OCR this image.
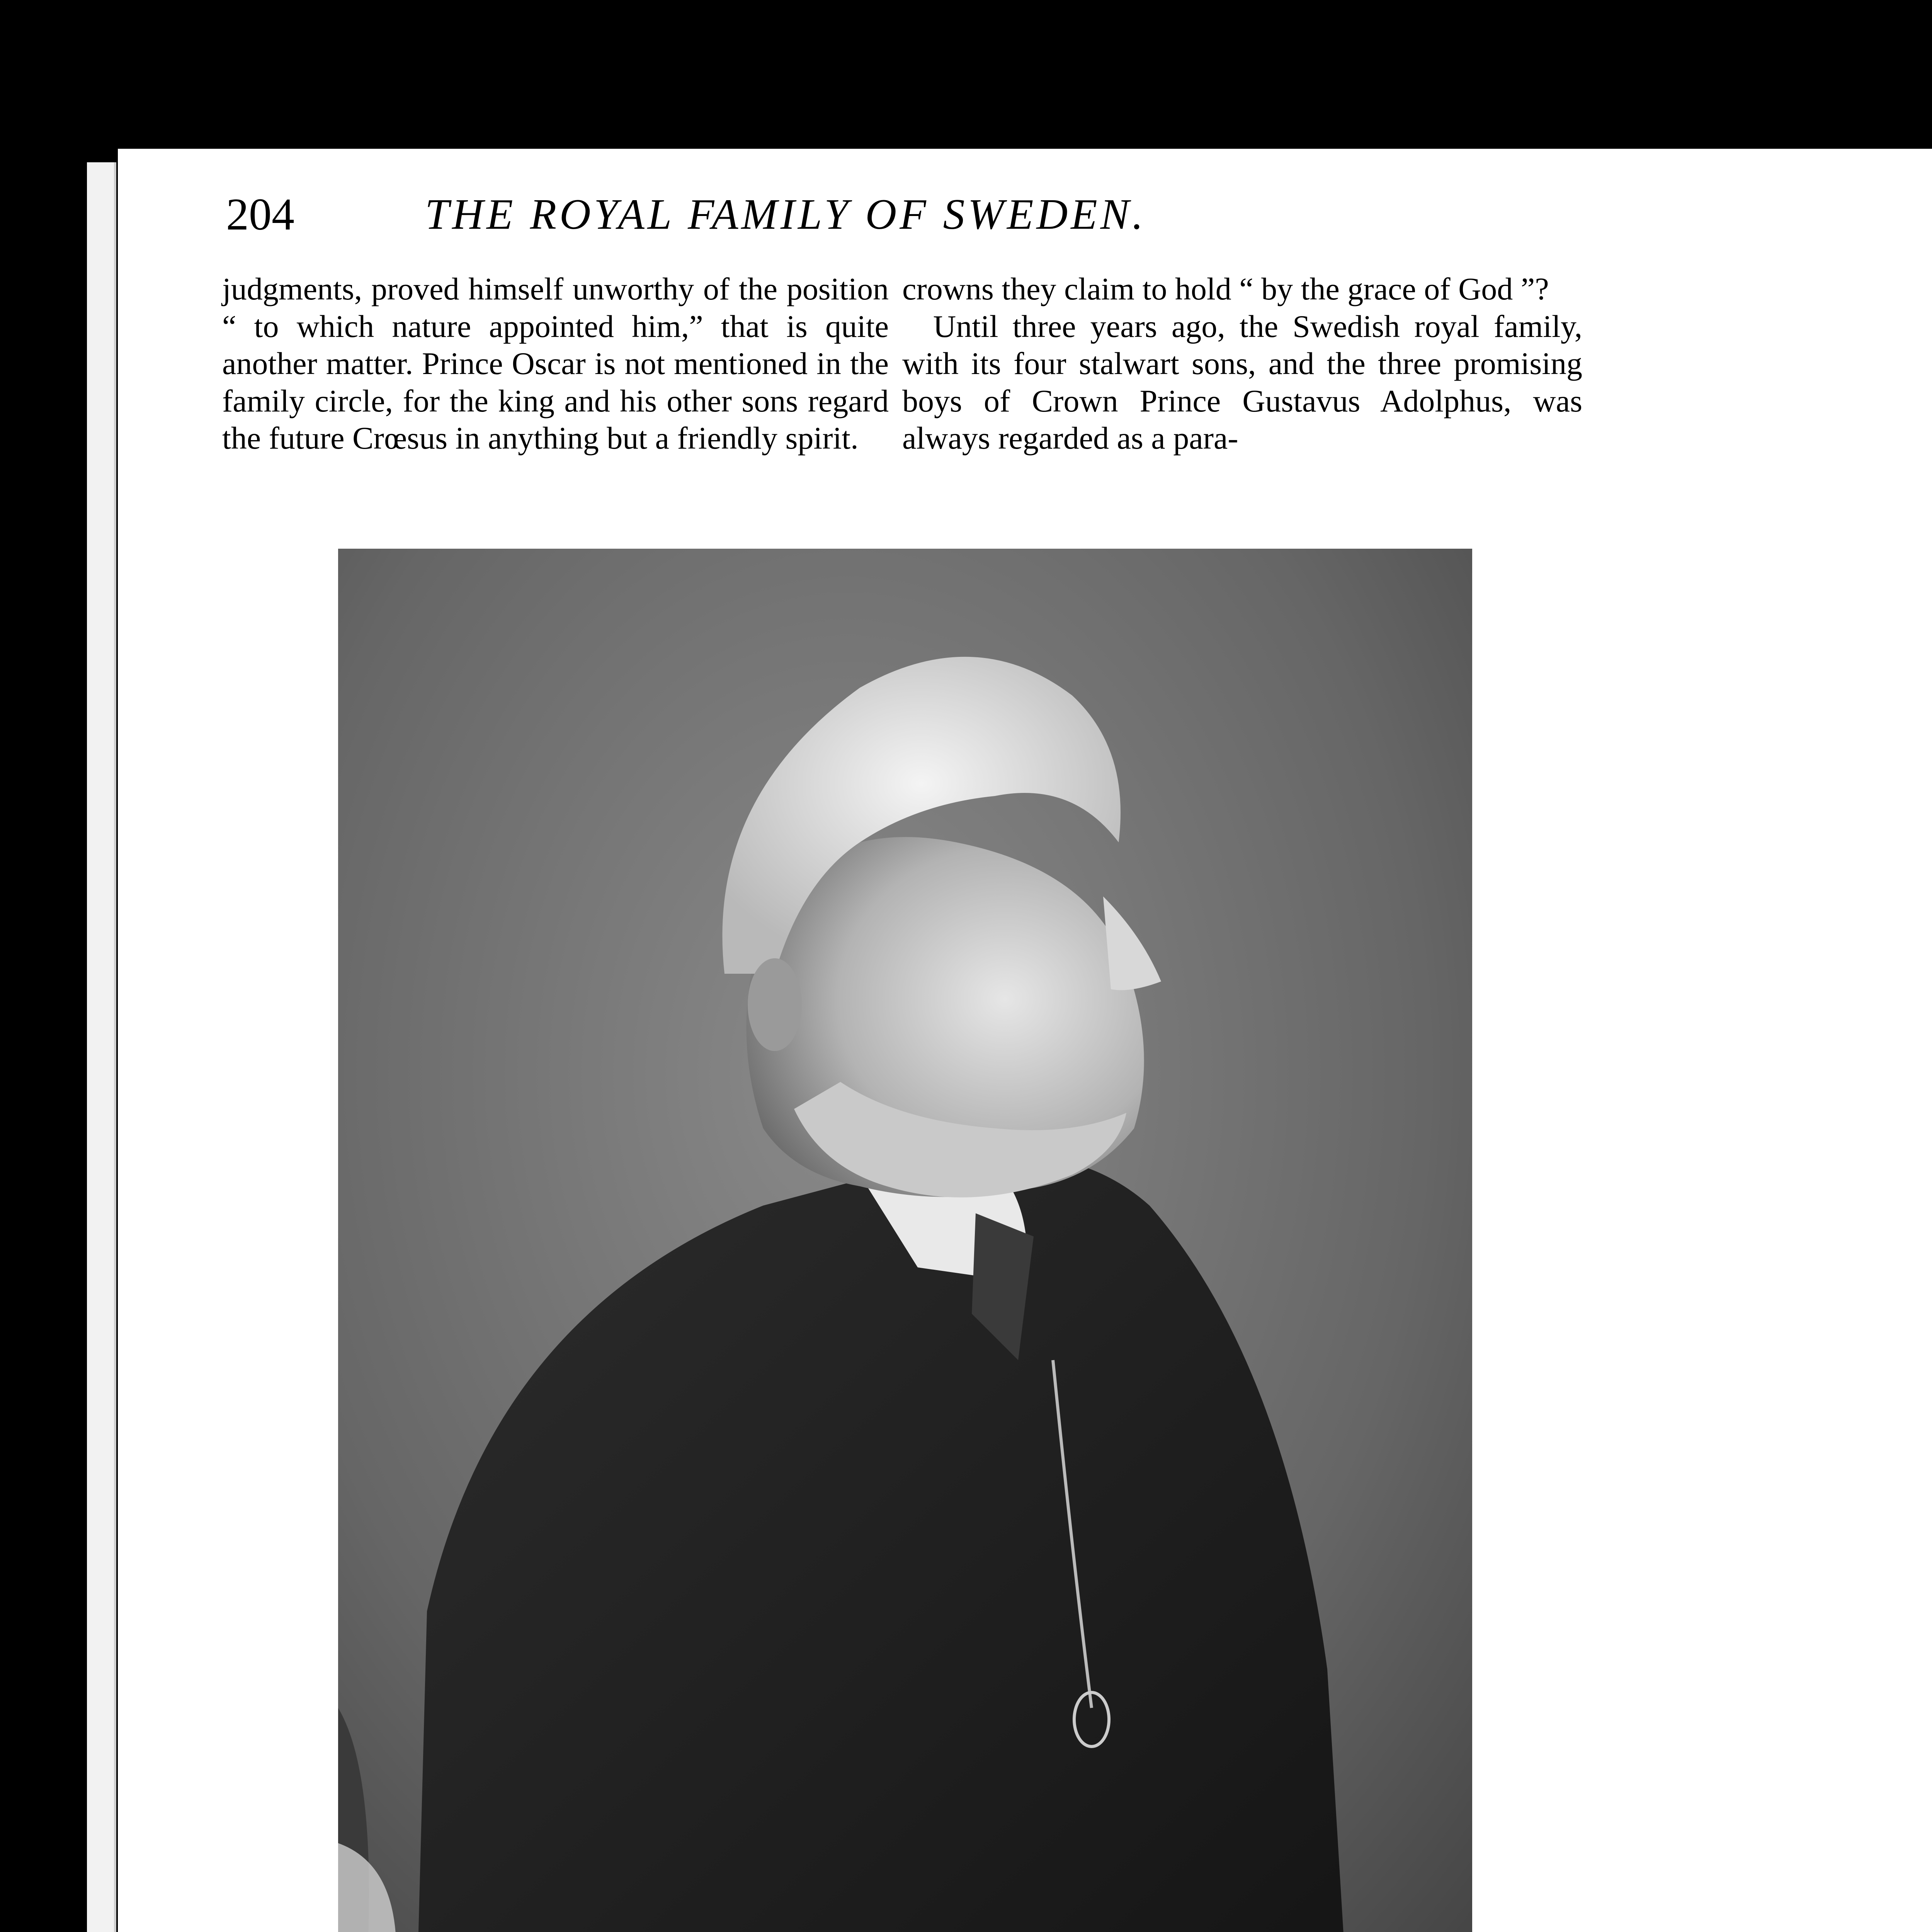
204	THE ROYAL FAMILY OF SWEDEN.

judgments, proved himself unworthy of the position “ to which nature appointed him,” that is quite another matter. Prince Oscar is not mentioned in the family circle, for the king and his other sons regard the future Crœsus in anything but a friendly spirit.

crowns they claim to hold “ by the grace of God ”?

Until three years ago, the Swedish royal family, with its four stalwart sons, and the three promising boys of Crown Prince Gustavus Adolphus, was always regarded as a para-
